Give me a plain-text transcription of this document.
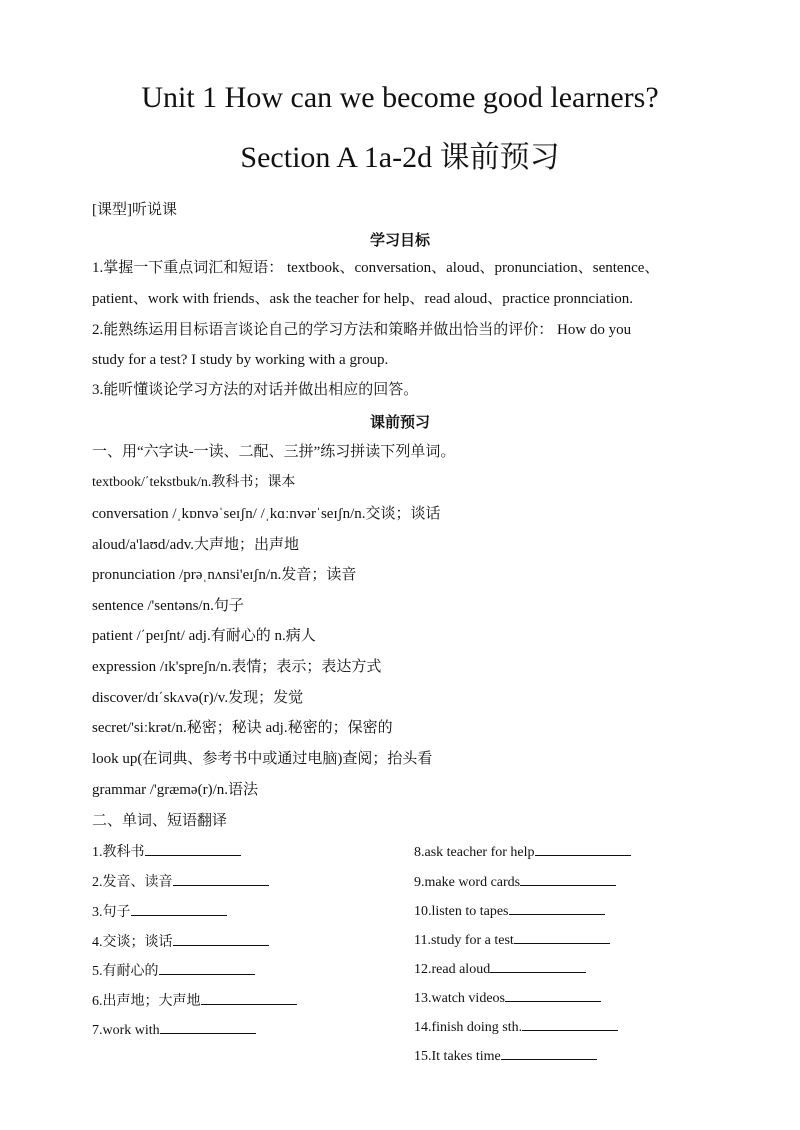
Unit 1 How can we become good learners?
Section A 1a-2d 课前预习
[课型]听说课
学习目标
1.掌握一下重点词汇和短语： textbook、conversation、aloud、pronunciation、sentence、
patient、work with friends、ask the teacher for help、read aloud、practice pronnciation.
2.能熟练运用目标语言谈论自己的学习方法和策略并做出恰当的评价： How do you
study for a test? I study by working with a group.
3.能听懂谈论学习方法的对话并做出相应的回答。
课前预习
一、用“六字诀-一读、二配、三拼”练习拼读下列单词。
textbook/΄tekstbuk/n.教科书；课本
conversation /ˌkɒnvəˈseɪʃn/ /ˌkɑːnvərˈseɪʃn/n.交谈；谈话
aloud/a'laʊd/adv.大声地；出声地
pronunciation /prəˌnʌnsi'eɪʃn/n.发音；读音
sentence /'sentəns/n.句子
patient /΄peɪʃnt/ adj.有耐心的 n.病人
expression /ɪk'spreʃn/n.表情；表示；表达方式
discover/dɪ΄skʌvə(r)/v.发现；发觉
secret/'siːkrət/n.秘密；秘诀 adj.秘密的；保密的
look up(在词典、参考书中或通过电脑)查阅；抬头看
grammar /'græmə(r)/n.语法
二、单词、短语翻译
1.教科书
2.发音、读音
3.句子
4.交谈；谈话
5.有耐心的
6.出声地；大声地
7.work with
8.ask teacher for help
9.make word cards
10.listen to tapes
11.study for a test
12.read aloud
13.watch videos
14.finish doing sth.
15.It takes time
